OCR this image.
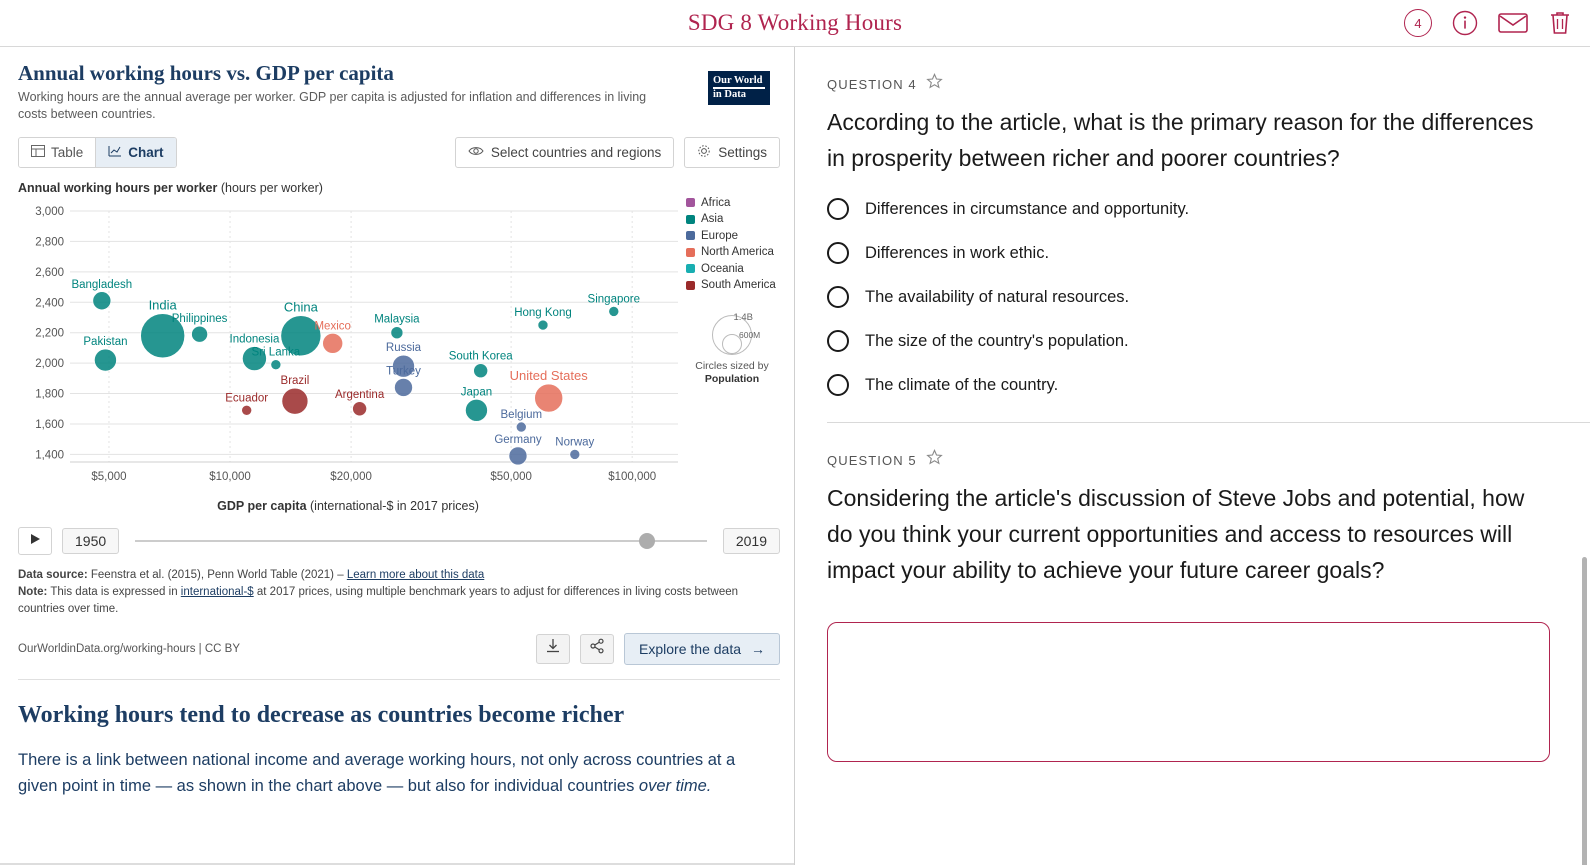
SDG 8 Working Hours	4
Our World
in Data
Annual working hours vs. GDP per capita
Working hours are the annual average per worker. GDP per capita is adjusted for inflation and differences in living costs between countries.
Table	Chart	Select countries and regions	Settings
Annual working hours per worker (hours per worker)
3,000
2,800
2,600
2,400
2,200
2,000
1,800
1,600
1,400
$5,000	$10,000	$20,000	$50,000	$100,000
India	China
United States
Brazil
Indonesia
Pakistan
Russia
Japan
Mexico
Bangladesh
Turkey
Germany
Philippines
South Korea
Argentina
Malaysia
Sri Lanka
Singapore
Hong Kong
Ecuador
Belgium
Norway
Africa
Asia
Europe
North America
Oceania
South America
1.4B
600M
Circles sized by
Population
GDP per capita (international-$ in 2017 prices)
1950	2019
Data source: Feenstra et al. (2015), Penn World Table (2021) – Learn more about this data
Note: This data is expressed in international-$ at 2017 prices, using multiple benchmark years to adjust for differences in living costs between countries over time.
OurWorldinData.org/working-hours | CC BY	Explore the data →
Working hours tend to decrease as countries become richer

There is a link between national income and average working hours, not only across countries at a given point in time — as shown in the chart above — but also for individual countries over time.

QUESTION 4
According to the article, what is the primary reason for the differences in prosperity between richer and poorer countries?
Differences in circumstance and opportunity.
Differences in work ethic.
The availability of natural resources.
The size of the country's population.
The climate of the country.
QUESTION 5
Considering the article's discussion of Steve Jobs and potential, how do you think your current opportunities and access to resources will impact your ability to achieve your future career goals?
